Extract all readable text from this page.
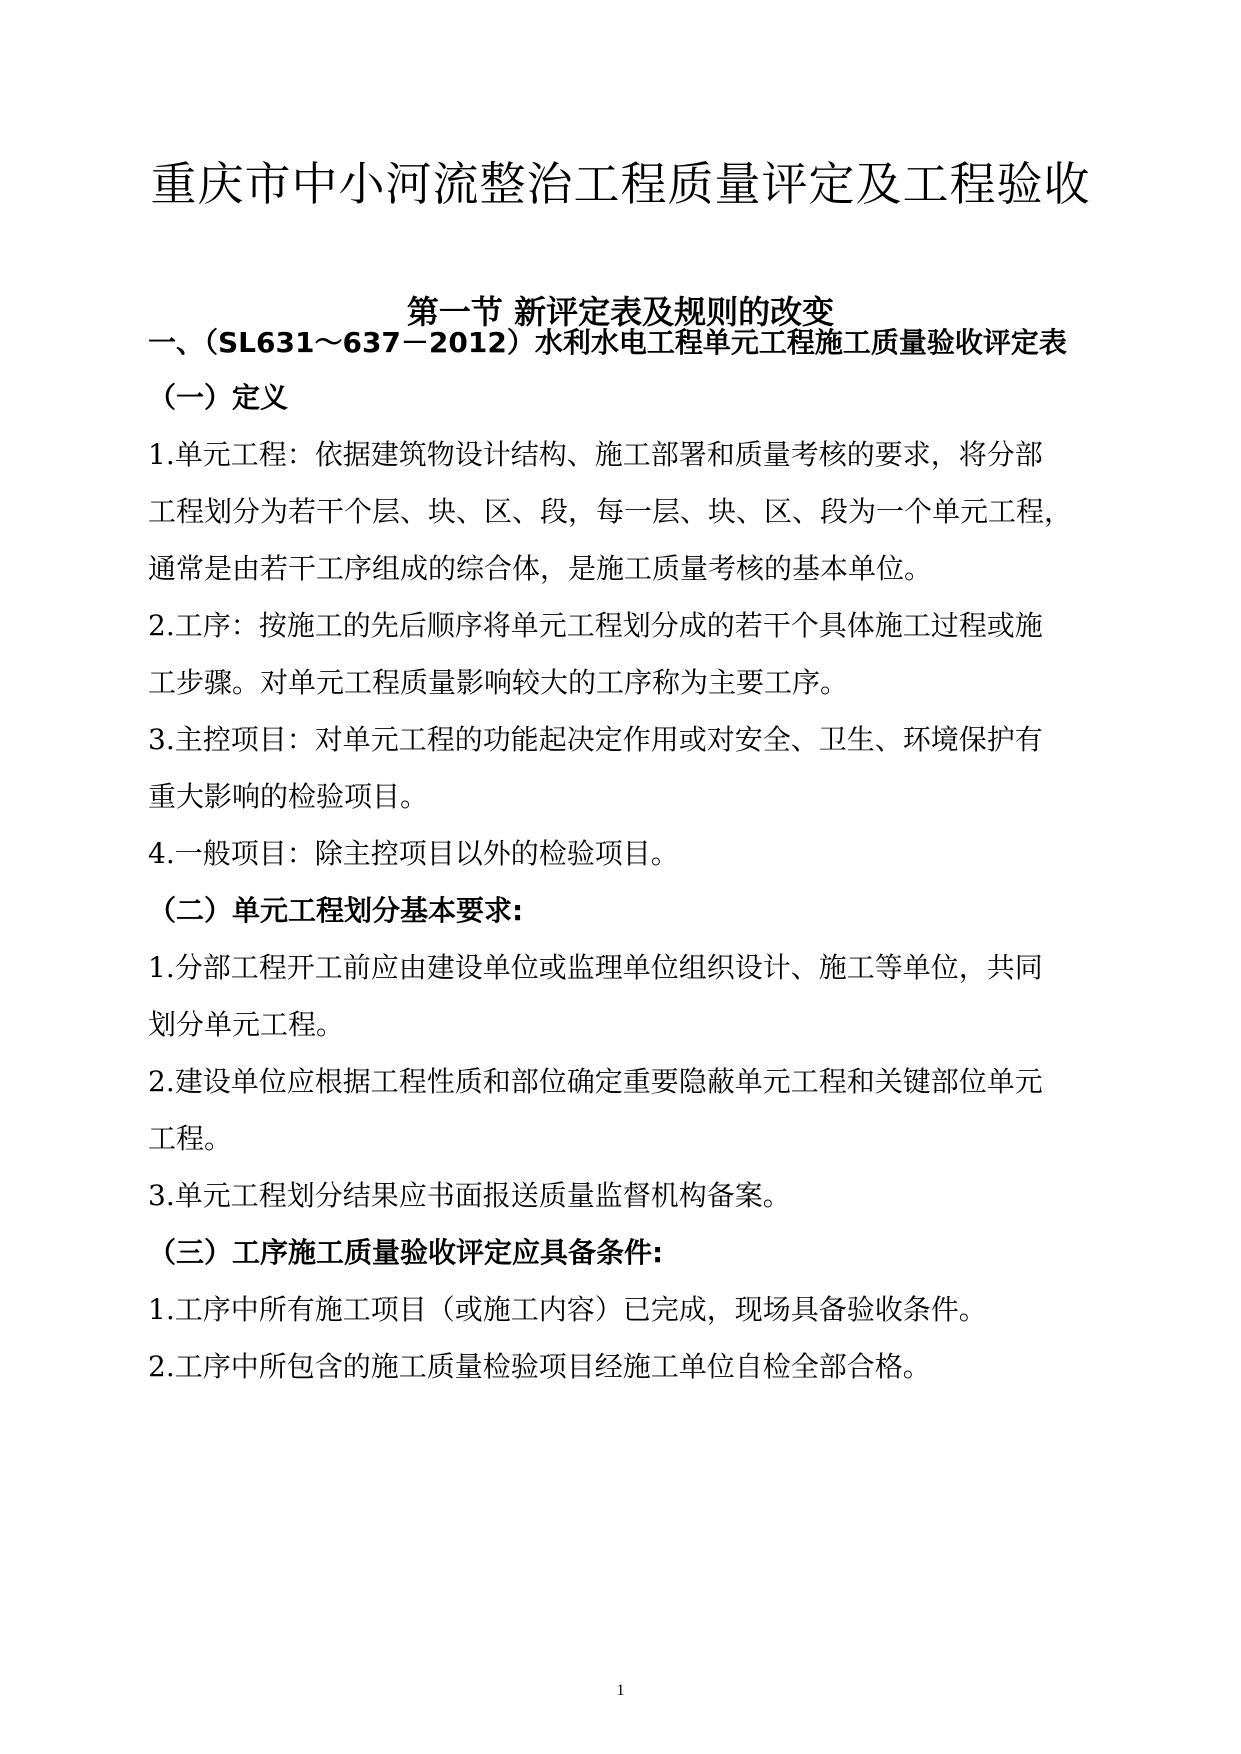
重庆市中小河流整治工程质量评定及工程验收
第一节 新评定表及规则的改变
一、（SL631～637－2012）水利水电工程单元工程施工质量验收评定表
（一）定义
1.单元工程：依据建筑物设计结构、施工部署和质量考核的要求，将分部
工程划分为若干个层、块、区、段，每一层、块、区、段为一个单元工程，
通常是由若干工序组成的综合体，是施工质量考核的基本单位。
2.工序：按施工的先后顺序将单元工程划分成的若干个具体施工过程或施
工步骤。对单元工程质量影响较大的工序称为主要工序。
3.主控项目：对单元工程的功能起决定作用或对安全、卫生、环境保护有
重大影响的检验项目。
4.一般项目：除主控项目以外的检验项目。
（二）单元工程划分基本要求:
1.分部工程开工前应由建设单位或监理单位组织设计、施工等单位，共同
划分单元工程。
2.建设单位应根据工程性质和部位确定重要隐蔽单元工程和关键部位单元
工程。
3.单元工程划分结果应书面报送质量监督机构备案。
（三）工序施工质量验收评定应具备条件:
1.工序中所有施工项目（或施工内容）已完成，现场具备验收条件。
2.工序中所包含的施工质量检验项目经施工单位自检全部合格。
1
